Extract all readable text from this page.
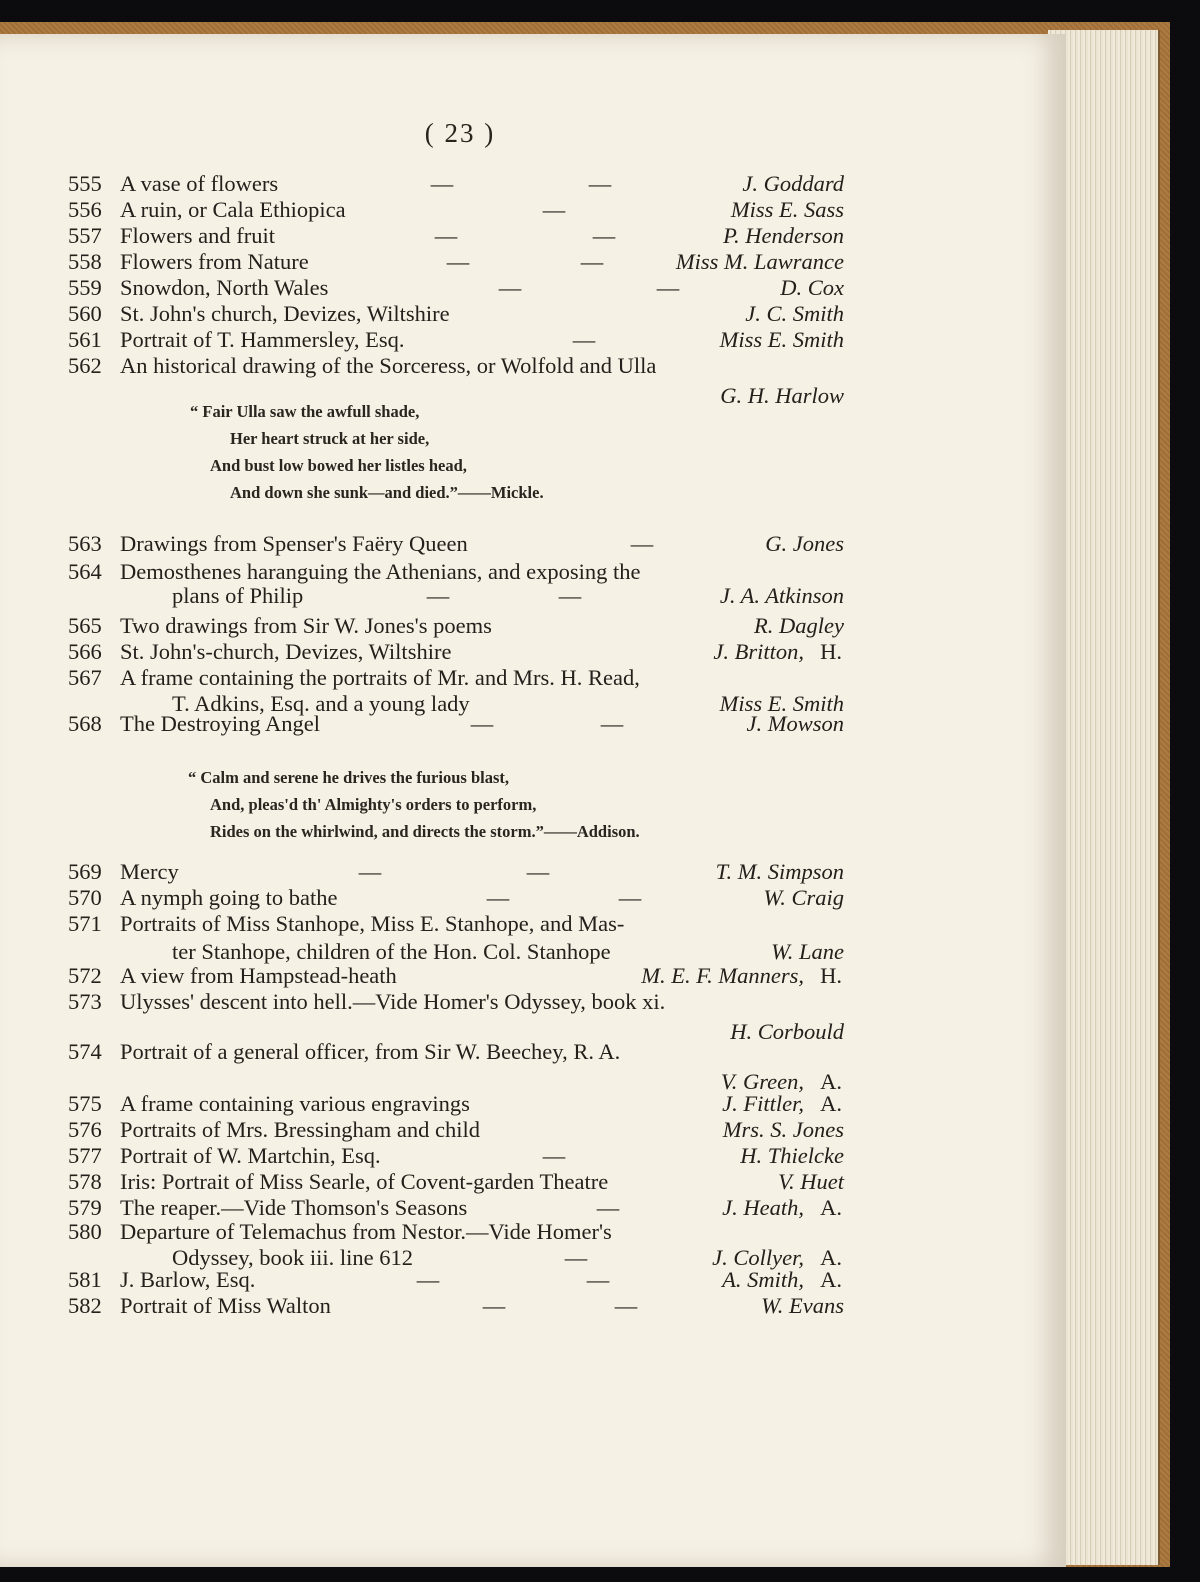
( 23 )
555 A vase of flowers	—	—	J. Goddard
556 A ruin, or Cala Ethiopica	—	Miss E. Sass
557 Flowers and fruit	—	—	P. Henderson
558 Flowers from Nature	—	—	Miss M. Lawrance
559 Snowdon, North Wales	—	—	D. Cox
560 St. John's church, Devizes, Wiltshire	J. C. Smith
561 Portrait of T. Hammersley, Esq.	—	Miss E. Smith
562 An historical drawing of the Sorceress, or Wolfold and Ulla
G. H. Harlow
563 Drawings from Spenser's Faëry Queen	—	G. Jones
564 Demosthenes haranguing the Athenians, and exposing the
plans of Philip	—	—	J. A. Atkinson
565 Two drawings from Sir W. Jones's poems	R. Dagley
566 St. John's-church, Devizes, Wiltshire	J. Britton, H.
567 A frame containing the portraits of Mr. and Mrs. H. Read,
T. Adkins, Esq. and a young lady	Miss E. Smith
568 The Destroying Angel	—	—	J. Mowson
569 Mercy	—	—	T. M. Simpson
570 A nymph going to bathe	—	—	W. Craig
571 Portraits of Miss Stanhope, Miss E. Stanhope, and Mas-
ter Stanhope, children of the Hon. Col. Stanhope	W. Lane
572 A view from Hampstead-heath	M. E. F. Manners, H.
573 Ulysses' descent into hell.—Vide Homer's Odyssey, book xi.
H. Corbould
574 Portrait of a general officer, from Sir W. Beechey, R. A.
V. Green, A.
575 A frame containing various engravings	J. Fittler, A.
576 Portraits of Mrs. Bressingham and child	Mrs. S. Jones
577 Portrait of W. Martchin, Esq.	—	H. Thielcke
578 Iris: Portrait of Miss Searle, of Covent-garden Theatre	V. Huet
579 The reaper.—Vide Thomson's Seasons	—	J. Heath, A.
580 Departure of Telemachus from Nestor.—Vide Homer's
Odyssey, book iii. line 612	—	J. Collyer, A.
581 J. Barlow, Esq.	—	—	A. Smith, A.
582 Portrait of Miss Walton	—	—	W. Evans
“ Fair Ulla saw the awfull shade,
Her heart struck at her side,
And bust low bowed her listles head,
And down she sunk—and died.”——Mickle.
“ Calm and serene he drives the furious blast,
And, pleas'd th' Almighty's orders to perform,
Rides on the whirlwind, and directs the storm.”——Addison.
